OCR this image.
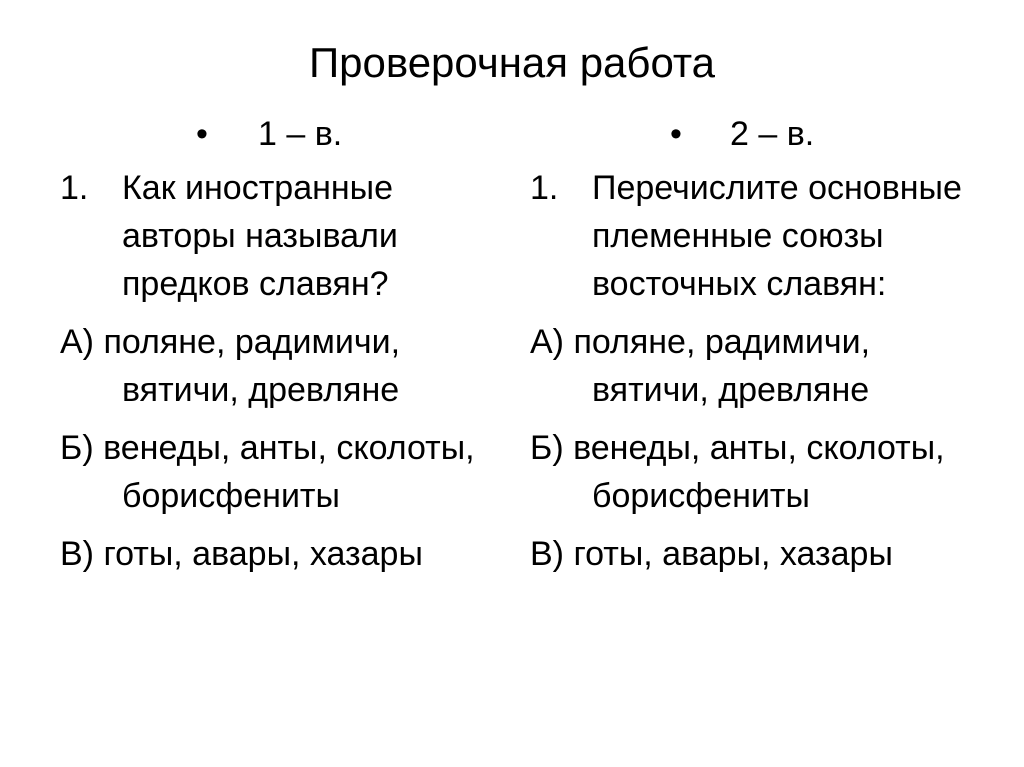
Проверочная работа
• 1 – в.
1. Как иностранные авторы называли предков славян?
А) поляне, радимичи, вятичи, древляне
Б) венеды, анты, сколоты, борисфениты
В) готы, авары, хазары
• 2 – в.
1. Перечислите основные племенные союзы восточных славян:
А) поляне, радимичи, вятичи, древляне
Б) венеды, анты, сколоты, борисфениты
В) готы, авары, хазары
